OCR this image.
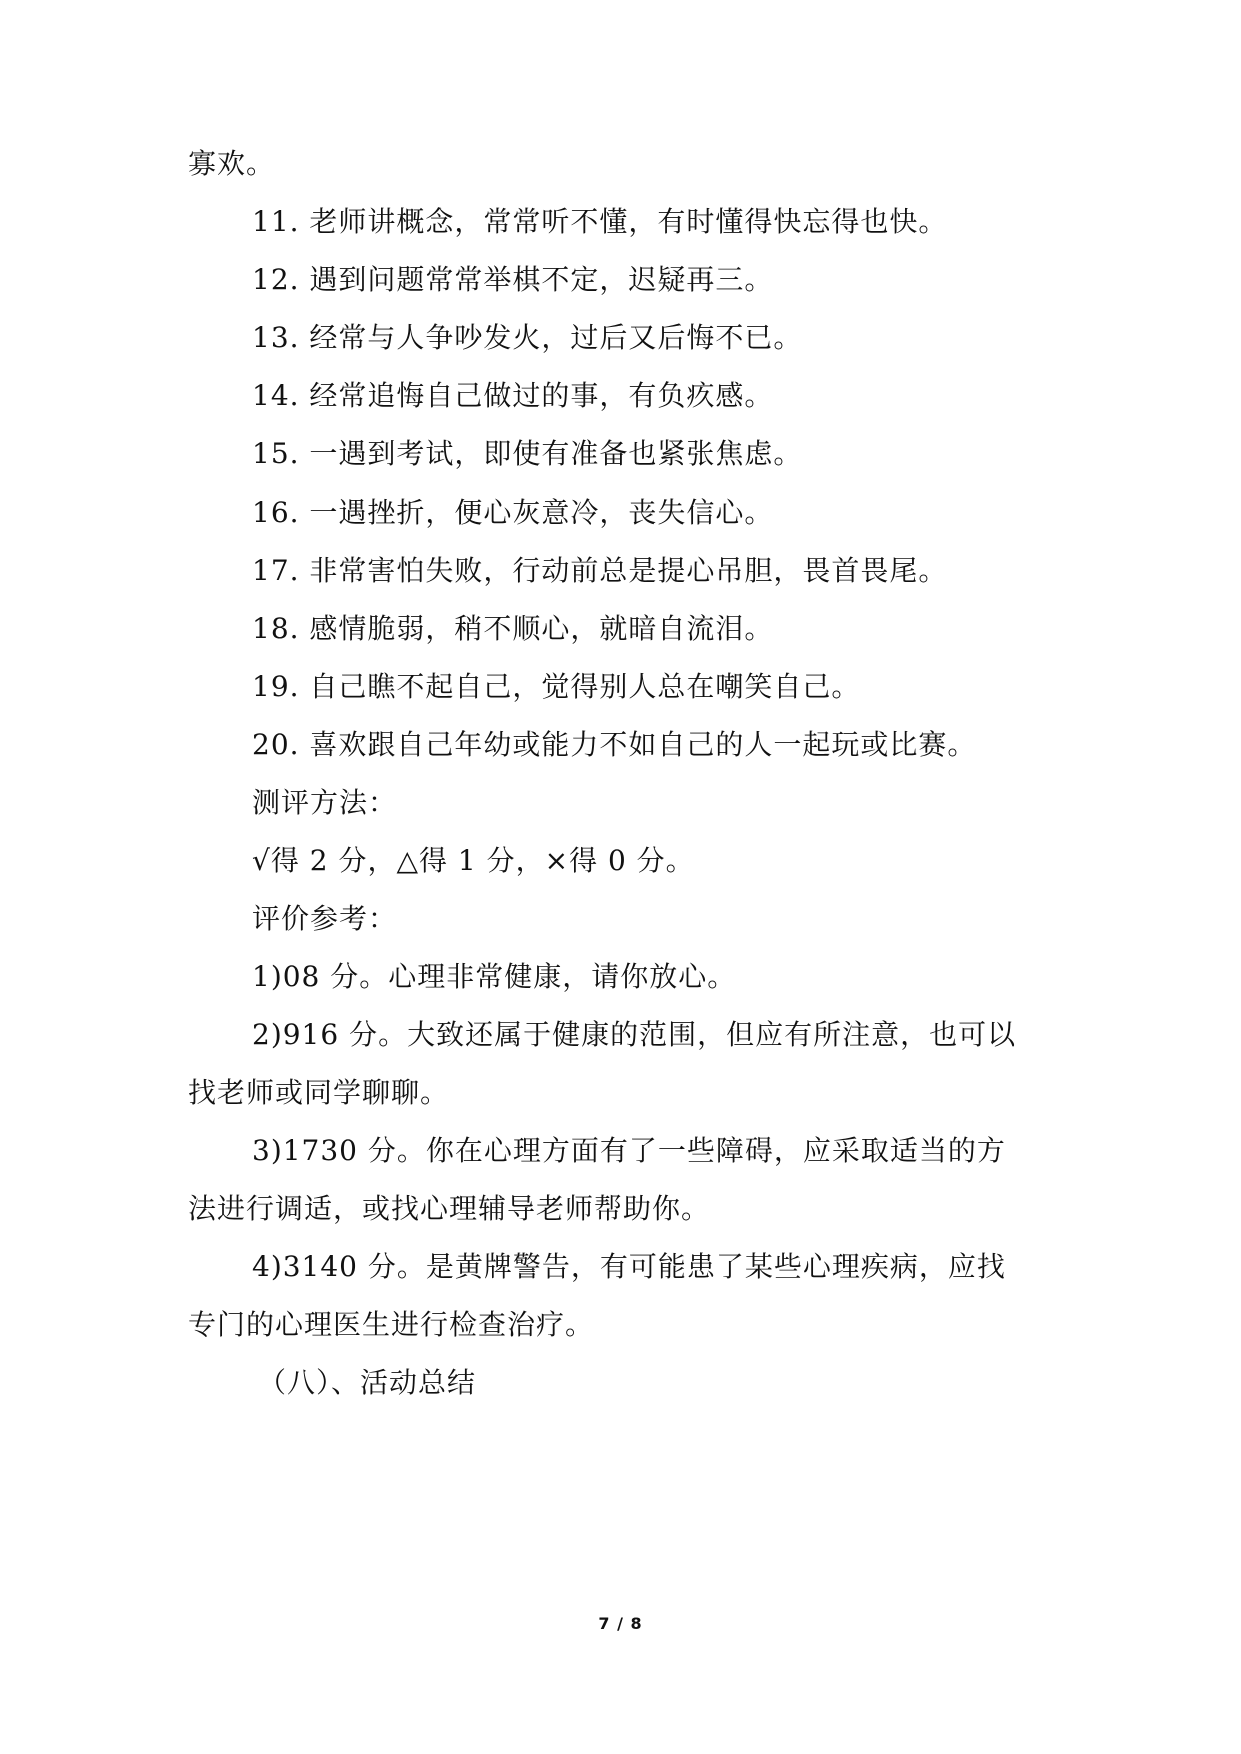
寡欢。
11. 老师讲概念，常常听不懂，有时懂得快忘得也快。
12. 遇到问题常常举棋不定，迟疑再三。
13. 经常与人争吵发火，过后又后悔不已。
14. 经常追悔自己做过的事，有负疚感。
15. 一遇到考试，即使有准备也紧张焦虑。
16. 一遇挫折，便心灰意冷，丧失信心。
17. 非常害怕失败，行动前总是提心吊胆，畏首畏尾。
18. 感情脆弱，稍不顺心，就暗自流泪。
19. 自己瞧不起自己，觉得别人总在嘲笑自己。
20. 喜欢跟自己年幼或能力不如自己的人一起玩或比赛。
测评方法：
√得 2 分，△得 1 分，×得 0 分。
评价参考：
1)08 分。心理非常健康，请你放心。
2)916 分。大致还属于健康的范围，但应有所注意，也可以
找老师或同学聊聊。
3)1730 分。你在心理方面有了一些障碍，应采取适当的方
法进行调适，或找心理辅导老师帮助你。
4)3140 分。是黄牌警告，有可能患了某些心理疾病，应找
专门的心理医生进行检查治疗。
（八）、活动总结
7 / 8
